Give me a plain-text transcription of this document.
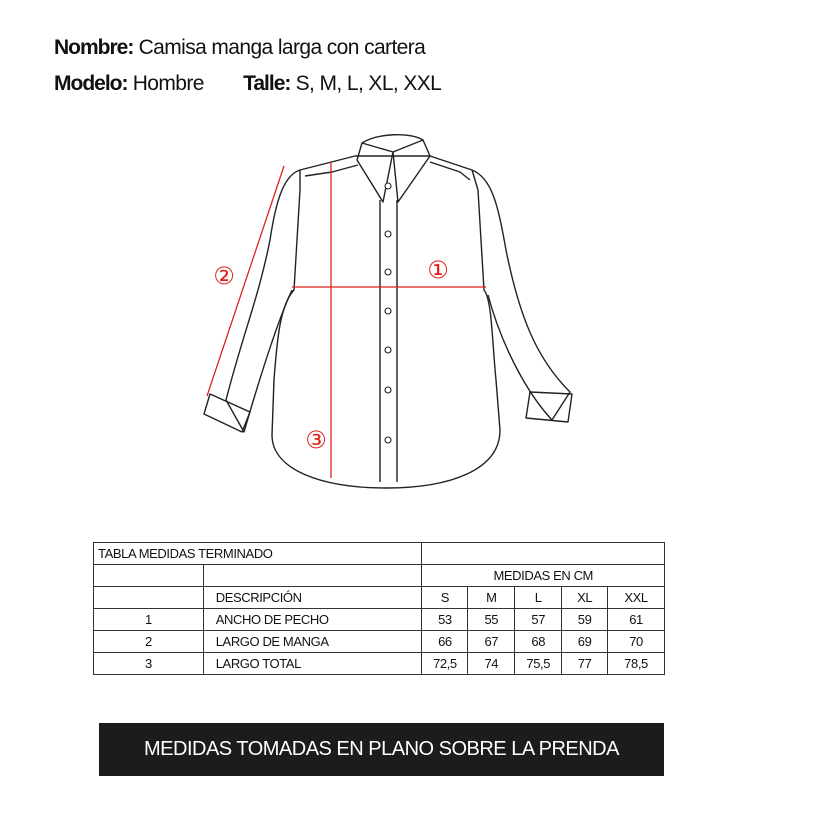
Nombre: Camisa manga larga con cartera
Modelo: Hombre Talle: S, M, L, XL, XXL
①
②
③
TABLA MEDIDAS TERMINADO						
		MEDIDAS EN CM				
	DESCRIPCIÓN	S	M	L	XL	XXL
1	ANCHO DE PECHO	53	55	57	59	61
2	LARGO DE MANGA	66	67	68	69	70
3	LARGO TOTAL	72,5	74	75,5	77	78,5
MEDIDAS TOMADAS EN PLANO SOBRE LA PRENDA
